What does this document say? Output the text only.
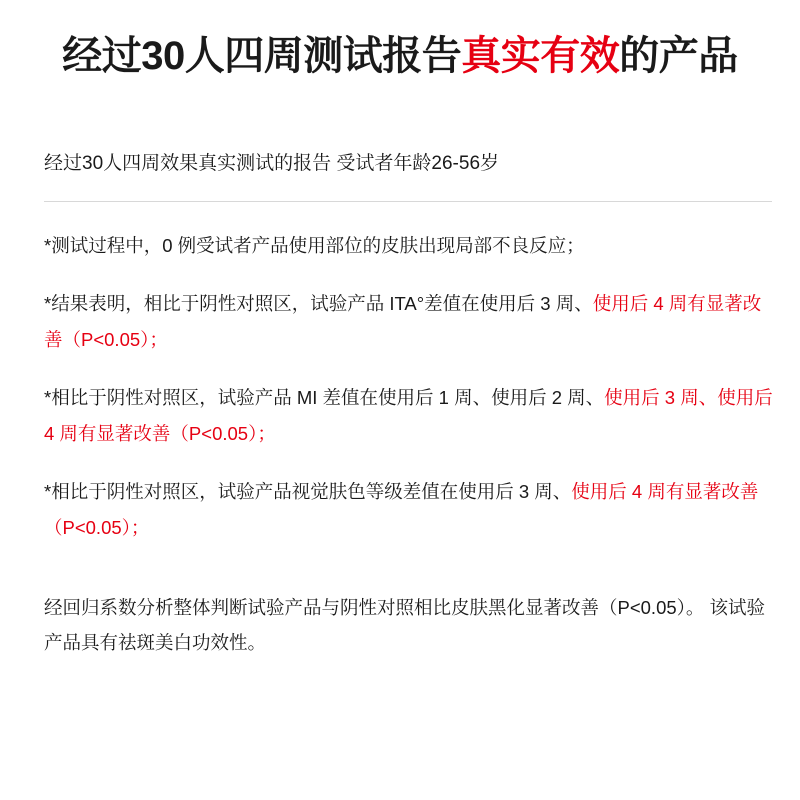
经过30人四周测试报告真实有效的产品
经过30人四周效果真实测试的报告 受试者年龄26-56岁
*测试过程中，0 例受试者产品使用部位的皮肤出现局部不良反应；
*结果表明，相比于阴性对照区，试验产品 ITA°差值在使用后 3 周、使用后 4 周有显著改善（P<0.05）；
*相比于阴性对照区，试验产品 MI 差值在使用后 1 周、使用后 2 周、使用后 3 周、使用后 4 周有显著改善（P<0.05）；
*相比于阴性对照区，试验产品视觉肤色等级差值在使用后 3 周、使用后 4 周有显著改善（P<0.05）；
经回归系数分析整体判断试验产品与阴性对照相比皮肤黑化显著改善（P<0.05）。 该试验产品具有祛斑美白功效性。
